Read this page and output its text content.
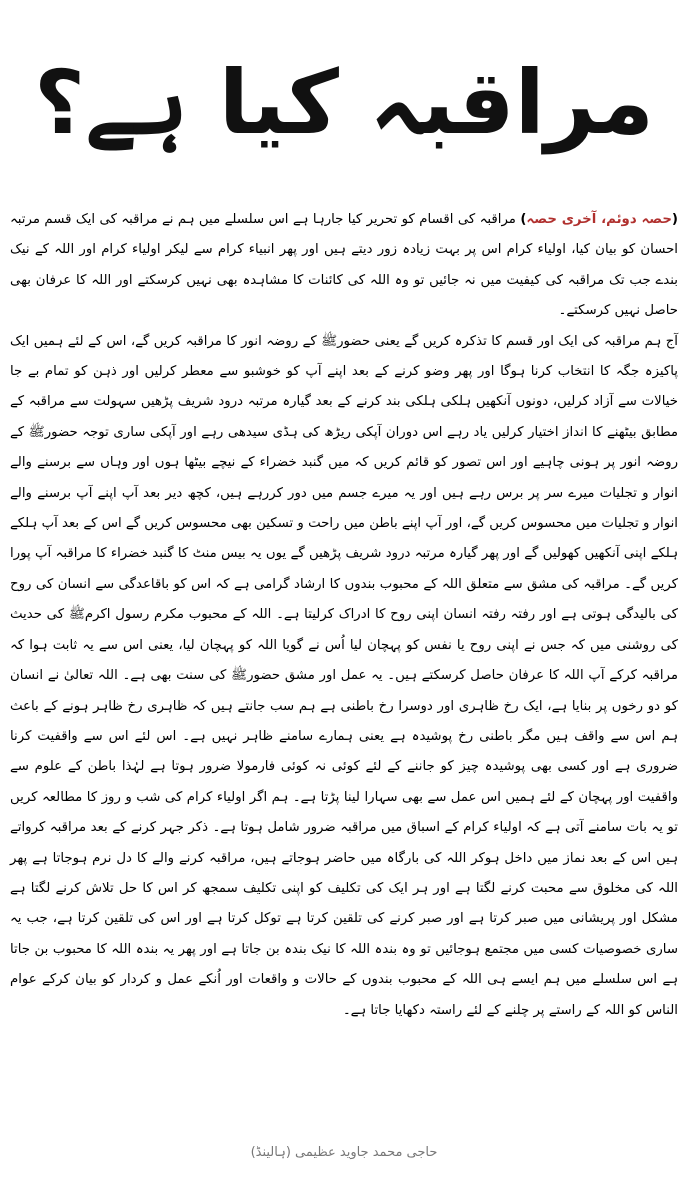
مراقبہ کیا ہے؟

(حصہ دوئم، آخری حصہ) مراقبہ کی اقسام کو تحریر کیا جارہا ہے اس سلسلے میں ہم نے مراقبہ کی ایک قسم مرتبہ احسان کو بیان کیا، اولیاء کرام اس پر بہت زیادہ زور دیتے ہیں اور پھر انبیاء کرام سے لیکر اولیاء کرام اور اللہ کے نیک بندے جب تک مراقبہ کی کیفیت میں نہ جائیں تو وہ اللہ کی کائنات کا مشاہدہ بھی نہیں کرسکتے اور اللہ کا عرفان بھی حاصل نہیں کرسکتے۔

آج ہم مراقبہ کی ایک اور قسم کا تذکرہ کریں گے یعنی حضورﷺ کے روضہ انور کا مراقبہ کریں گے، اس کے لئے ہمیں ایک پاکیزہ جگہ کا انتخاب کرنا ہوگا اور پھر وضو کرنے کے بعد اپنے آپ کو خوشبو سے معطر کرلیں اور ذہن کو تمام بے جا خیالات سے آزاد کرلیں، دونوں آنکھیں ہلکی ہلکی بند کرنے کے بعد گیارہ مرتبہ درود شریف پڑھیں سہولت سے مراقبہ کے مطابق بیٹھنے کا انداز اختیار کرلیں یاد رہے اس دوران آپکی ریڑھ کی ہڈی سیدھی رہے اور آپکی ساری توجہ حضورﷺ کے روضہ انور پر ہونی چاہیے اور اس تصور کو قائم کریں کہ میں گنبد خضراء کے نیچے بیٹھا ہوں اور وہاں سے برسنے والے انوار و تجلیات میرے سر پر برس رہے ہیں اور یہ میرے جسم میں دور کررہے ہیں، کچھ دیر بعد آپ اپنے آپ برسنے والے انوار و تجلیات میں محسوس کریں گے، اور آپ اپنے باطن میں راحت و تسکین بھی محسوس کریں گے اس کے بعد آپ ہلکے ہلکے اپنی آنکھیں کھولیں گے اور پھر گیارہ مرتبہ درود شریف پڑھیں گے یوں یہ بیس منٹ کا گنبد خضراء کا مراقبہ آپ پورا کریں گے۔ مراقبہ کی مشق سے متعلق اللہ کے محبوب بندوں کا ارشاد گرامی ہے کہ اس کو باقاعدگی سے انسان کی روح کی بالیدگی ہوتی ہے اور رفتہ رفتہ انسان اپنی روح کا ادراک کرلیتا ہے۔ اللہ کے محبوب مکرم رسول اکرمﷺ کی حدیث کی روشنی میں کہ جس نے اپنی روح یا نفس کو پہچان لیا اُس نے گویا اللہ کو پہچان لیا، یعنی اس سے یہ ثابت ہوا کہ مراقبہ کرکے آپ اللہ کا عرفان حاصل کرسکتے ہیں۔ یہ عمل اور مشق حضورﷺ کی سنت بھی ہے۔ اللہ تعالیٰ نے انسان کو دو رخوں پر بنایا ہے، ایک رخ ظاہری اور دوسرا رخ باطنی ہے ہم سب جانتے ہیں کہ ظاہری رخ ظاہر ہونے کے باعث ہم اس سے واقف ہیں مگر باطنی رخ پوشیدہ ہے یعنی ہمارے سامنے ظاہر نہیں ہے۔ اس لئے اس سے واقفیت کرنا ضروری ہے اور کسی بھی پوشیدہ چیز کو جاننے کے لئے کوئی نہ کوئی فارمولا ضرور ہوتا ہے لہٰذا باطن کے علوم سے واقفیت اور پہچان کے لئے ہمیں اس عمل سے بھی سہارا لینا پڑتا ہے۔ ہم اگر اولیاء کرام کی شب و روز کا مطالعہ کریں تو یہ بات سامنے آتی ہے کہ اولیاء کرام کے اسباق میں مراقبہ ضرور شامل ہوتا ہے۔ ذکر جہر کرنے کے بعد مراقبہ کرواتے ہیں اس کے بعد نماز میں داخل ہوکر اللہ کی بارگاہ میں حاضر ہوجاتے ہیں، مراقبہ کرنے والے کا دل نرم ہوجاتا ہے پھر اللہ کی مخلوق سے محبت کرنے لگتا ہے اور ہر ایک کی تکلیف کو اپنی تکلیف سمجھ کر اس کا حل تلاش کرنے لگتا ہے مشکل اور پریشانی میں صبر کرتا ہے اور صبر کرنے کی تلقین کرتا ہے توکل کرتا ہے اور اس کی تلقین کرتا ہے، جب یہ ساری خصوصیات کسی میں مجتمع ہوجائیں تو وہ بندہ اللہ کا نیک بندہ بن جاتا ہے اور پھر یہ بندہ اللہ کا محبوب بن جاتا ہے اس سلسلے میں ہم ایسے ہی اللہ کے محبوب بندوں کے حالات و واقعات اور اُنکے عمل و کردار کو بیان کرکے عوام الناس کو اللہ کے راستے پر چلنے کے لئے راستہ دکھایا جاتا ہے۔

حاجی محمد جاوید عظیمی (ہالینڈ)
